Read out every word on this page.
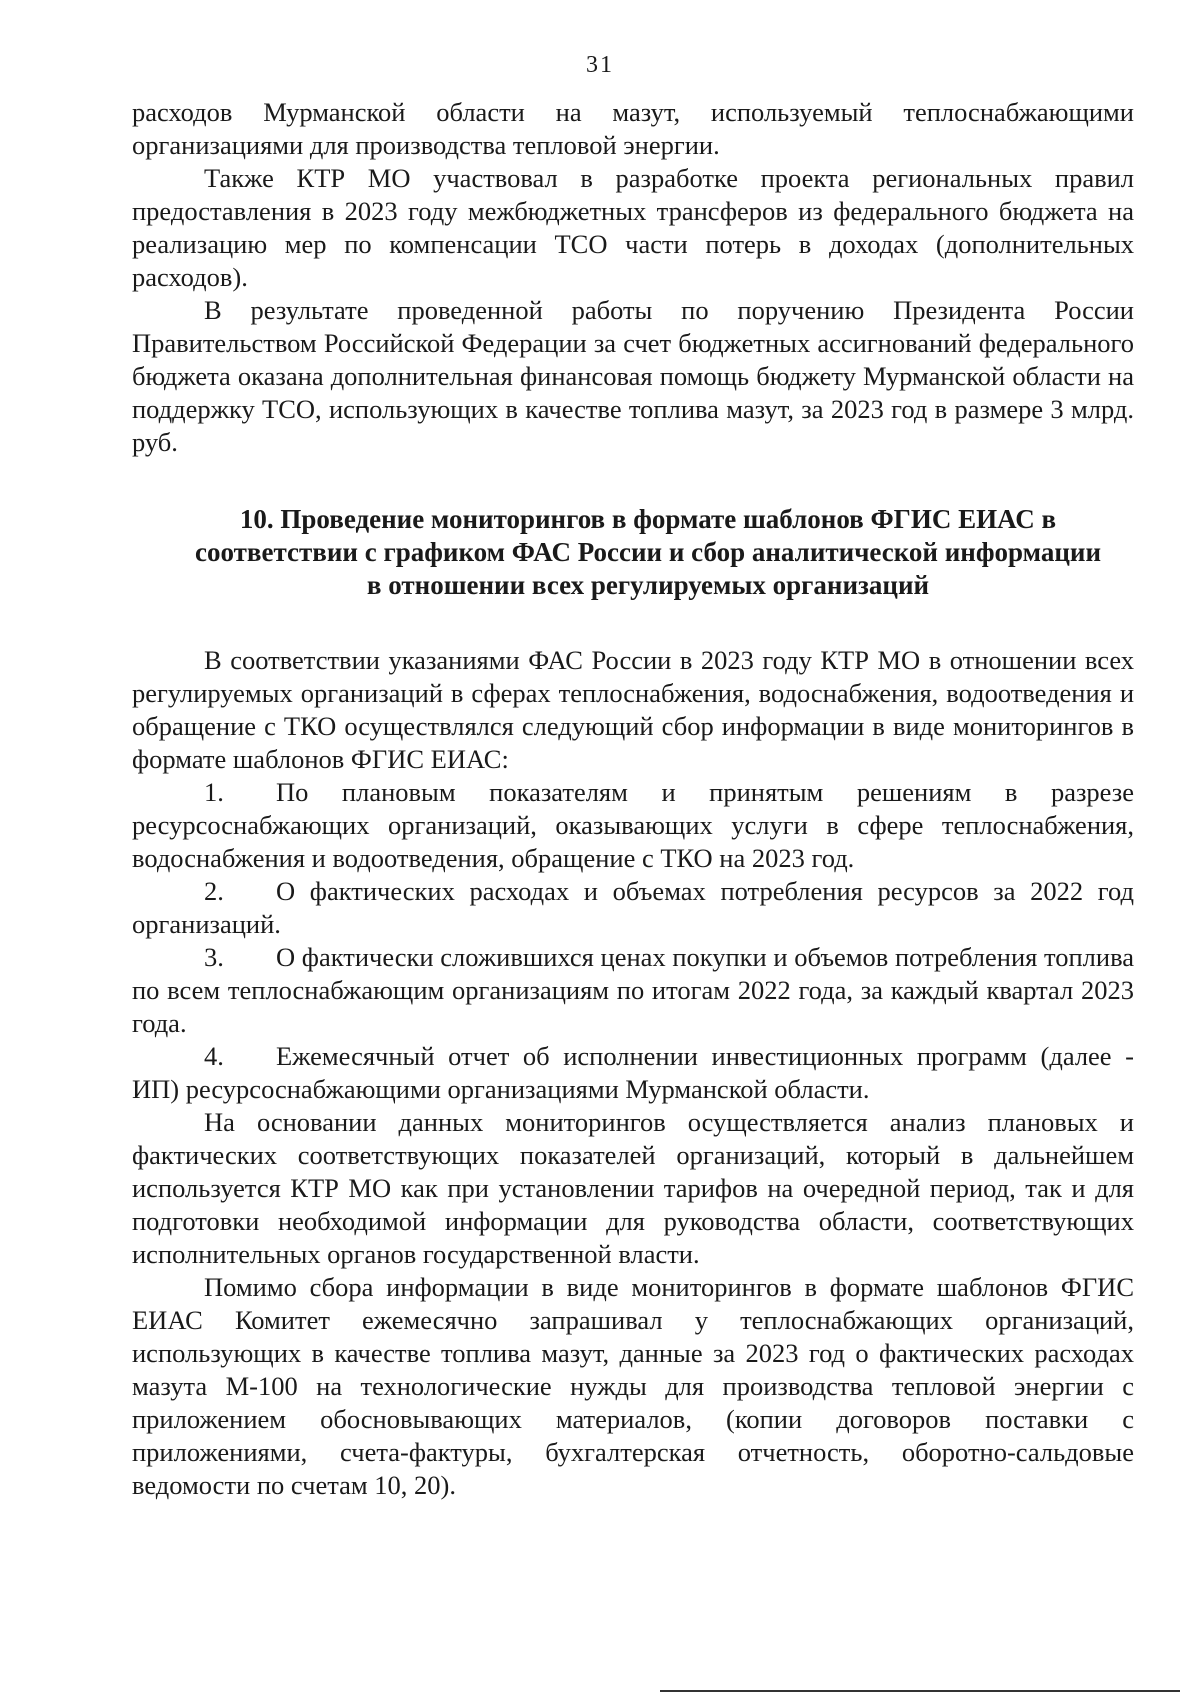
31

расходов Мурманской области на мазут, используемый теплоснабжающими организациями для производства тепловой энергии.

Также КТР МО участвовал в разработке проекта региональных правил предоставления в 2023 году межбюджетных трансферов из федерального бюджета на реализацию мер по компенсации ТСО части потерь в доходах (дополнительных расходов).

В результате проведенной работы по поручению Президента России Правительством Российской Федерации за счет бюджетных ассигнований федерального бюджета оказана дополнительная финансовая помощь бюджету Мурманской области на поддержку ТСО, использующих в качестве топлива мазут, за 2023 год в размере 3 млрд. руб.

10. Проведение мониторингов в формате шаблонов ФГИС ЕИАС в соответствии с графиком ФАС России и сбор аналитической информации в отношении всех регулируемых организаций

В соответствии указаниями ФАС России в 2023 году КТР МО в отношении всех регулируемых организаций в сферах теплоснабжения, водоснабжения, водоотведения и обращение с ТКО осуществлялся следующий сбор информации в виде мониторингов в формате шаблонов ФГИС ЕИАС:

1. По плановым показателям и принятым решениям в разрезе ресурсоснабжающих организаций, оказывающих услуги в сфере теплоснабжения, водоснабжения и водоотведения, обращение с ТКО на 2023 год.

2. О фактических расходах и объемах потребления ресурсов за 2022 год организаций.

3. О фактически сложившихся ценах покупки и объемов потребления топлива по всем теплоснабжающим организациям по итогам 2022 года, за каждый квартал 2023 года.

4. Ежемесячный отчет об исполнении инвестиционных программ (далее - ИП) ресурсоснабжающими организациями Мурманской области.

На основании данных мониторингов осуществляется анализ плановых и фактических соответствующих показателей организаций, который в дальнейшем используется КТР МО как при установлении тарифов на очередной период, так и для подготовки необходимой информации для руководства области, соответствующих исполнительных органов государственной власти.

Помимо сбора информации в виде мониторингов в формате шаблонов ФГИС ЕИАС Комитет ежемесячно запрашивал у теплоснабжающих организаций, использующих в качестве топлива мазут, данные за 2023 год о фактических расходах мазута М-100 на технологические нужды для производства тепловой энергии с приложением обосновывающих материалов, (копии договоров поставки с приложениями, счета-фактуры, бухгалтерская отчетность, оборотно-сальдовые ведомости по счетам 10, 20).
